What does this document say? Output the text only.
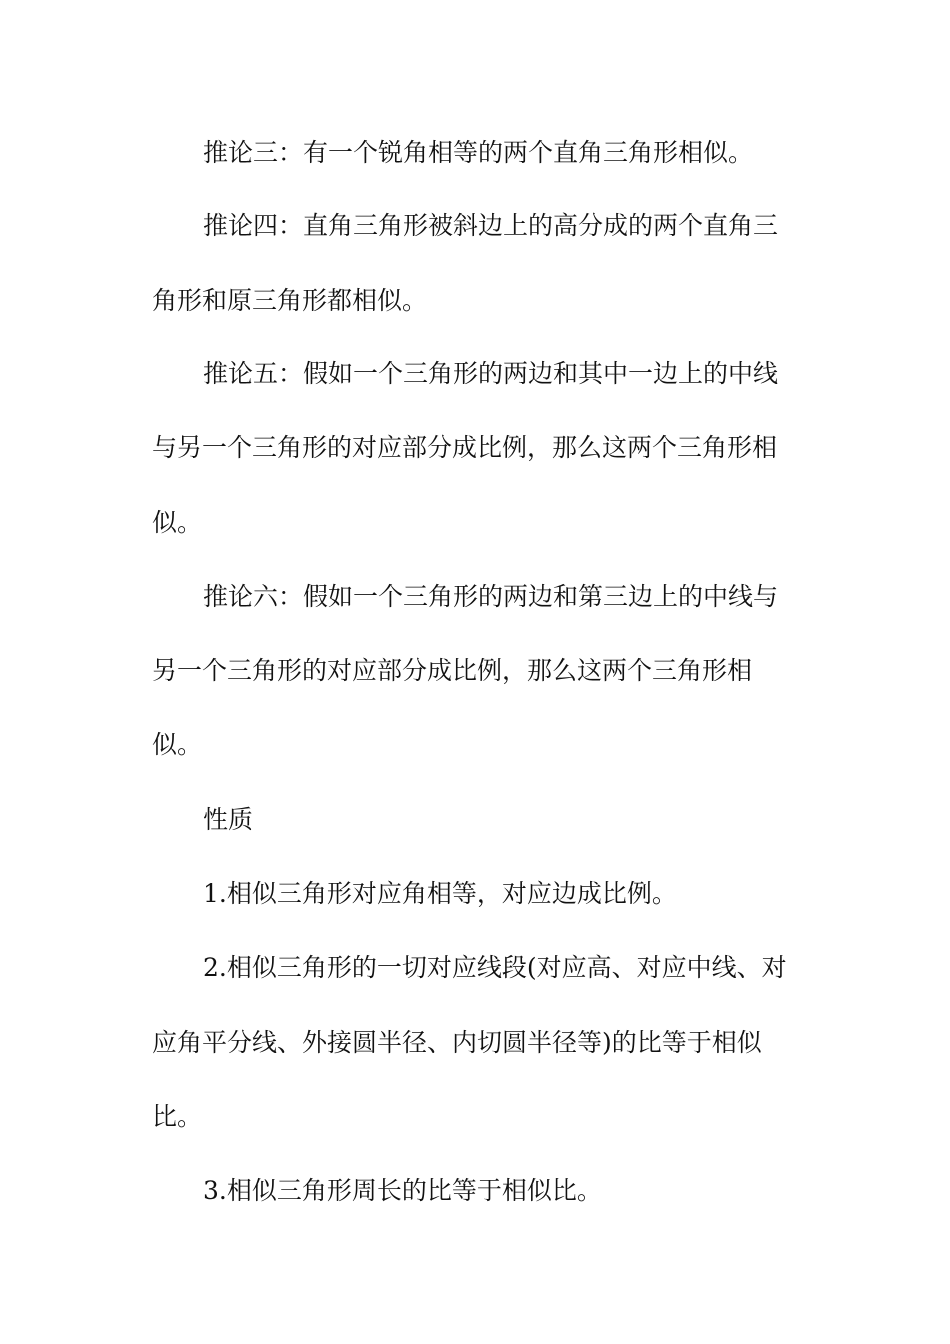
推论三：有一个锐角相等的两个直角三角形相似。
推论四：直角三角形被斜边上的高分成的两个直角三
角形和原三角形都相似。
推论五：假如一个三角形的两边和其中一边上的中线
与另一个三角形的对应部分成比例，那么这两个三角形相
似。
推论六：假如一个三角形的两边和第三边上的中线与
另一个三角形的对应部分成比例，那么这两个三角形相
似。
性质
1.相似三角形对应角相等，对应边成比例。
2.相似三角形的一切对应线段(对应高、对应中线、对
应角平分线、外接圆半径、内切圆半径等)的比等于相似
比。
3.相似三角形周长的比等于相似比。
